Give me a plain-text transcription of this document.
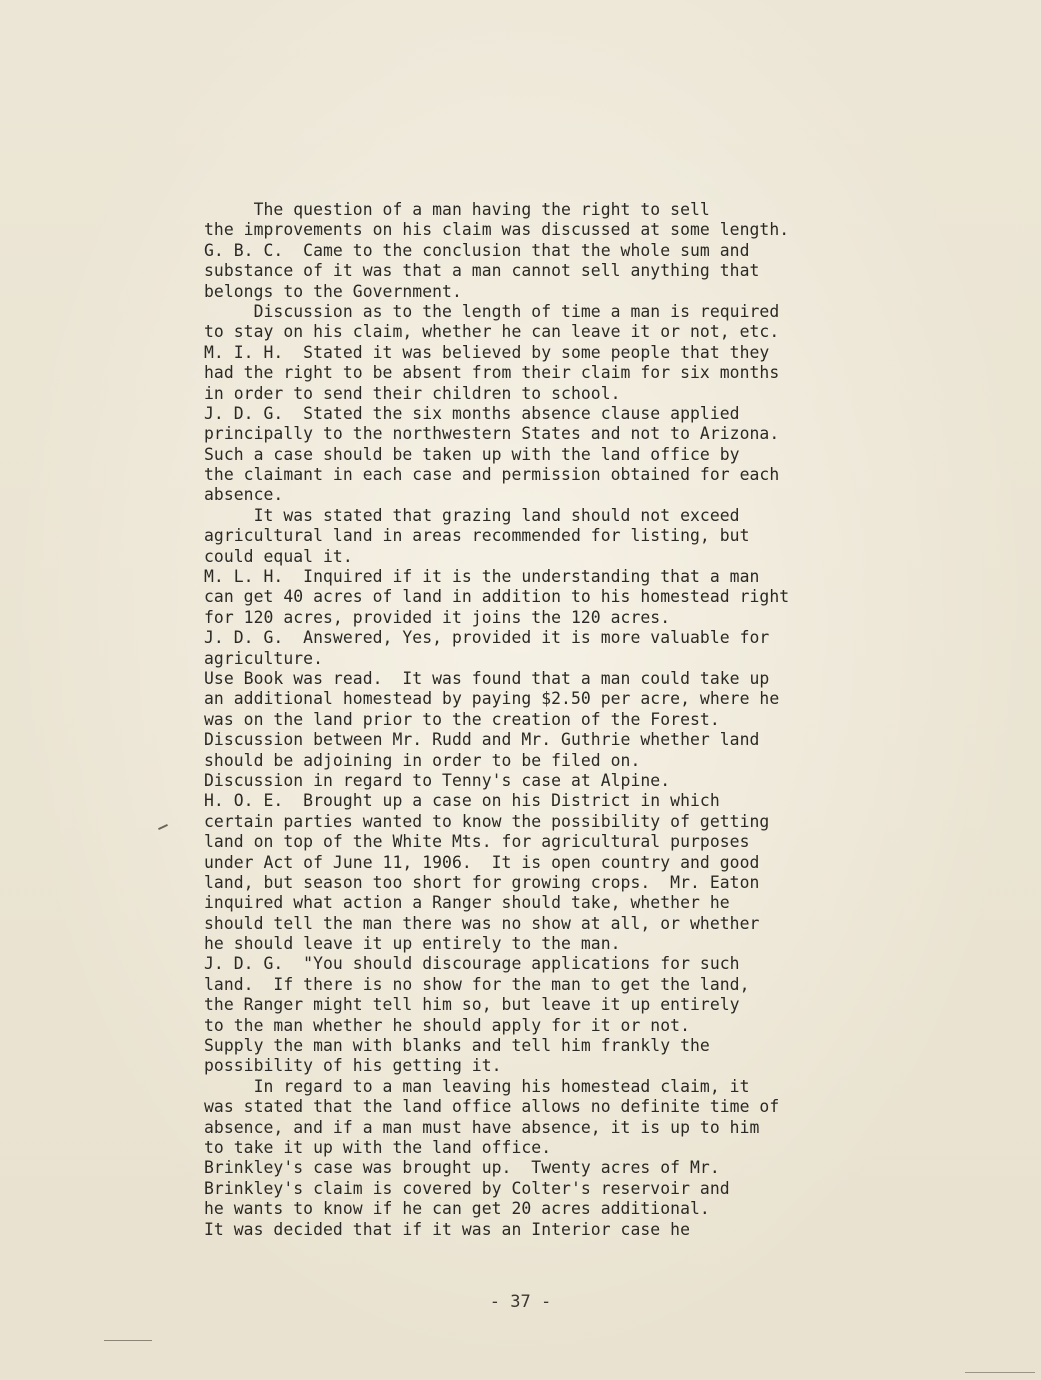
The question of a man having the right to sell
the improvements on his claim was discussed at some length.
G. B. C.  Came to the conclusion that the whole sum and
substance of it was that a man cannot sell anything that
belongs to the Government.
Discussion as to the length of time a man is required
to stay on his claim, whether he can leave it or not, etc.
M. I. H.  Stated it was believed by some people that they
had the right to be absent from their claim for six months
in order to send their children to school.
J. D. G.  Stated the six months absence clause applied
principally to the northwestern States and not to Arizona.
Such a case should be taken up with the land office by
the claimant in each case and permission obtained for each
absence.
It was stated that grazing land should not exceed
agricultural land in areas recommended for listing, but
could equal it.
M. L. H.  Inquired if it is the understanding that a man
can get 40 acres of land in addition to his homestead right
for 120 acres, provided it joins the 120 acres.
J. D. G.  Answered, Yes, provided it is more valuable for
agriculture.
Use Book was read.  It was found that a man could take up
an additional homestead by paying $2.50 per acre, where he
was on the land prior to the creation of the Forest.
Discussion between Mr. Rudd and Mr. Guthrie whether land
should be adjoining in order to be filed on.
Discussion in regard to Tenny's case at Alpine.
H. O. E.  Brought up a case on his District in which
certain parties wanted to know the possibility of getting
land on top of the White Mts. for agricultural purposes
under Act of June 11, 1906.  It is open country and good
land, but season too short for growing crops.  Mr. Eaton
inquired what action a Ranger should take, whether he
should tell the man there was no show at all, or whether
he should leave it up entirely to the man.
J. D. G.  "You should discourage applications for such
land.  If there is no show for the man to get the land,
the Ranger might tell him so, but leave it up entirely
to the man whether he should apply for it or not.
Supply the man with blanks and tell him frankly the
possibility of his getting it.
In regard to a man leaving his homestead claim, it
was stated that the land office allows no definite time of
absence, and if a man must have absence, it is up to him
to take it up with the land office.
Brinkley's case was brought up.  Twenty acres of Mr.
Brinkley's claim is covered by Colter's reservoir and
he wants to know if he can get 20 acres additional.
It was decided that if it was an Interior case he
- 37 -
